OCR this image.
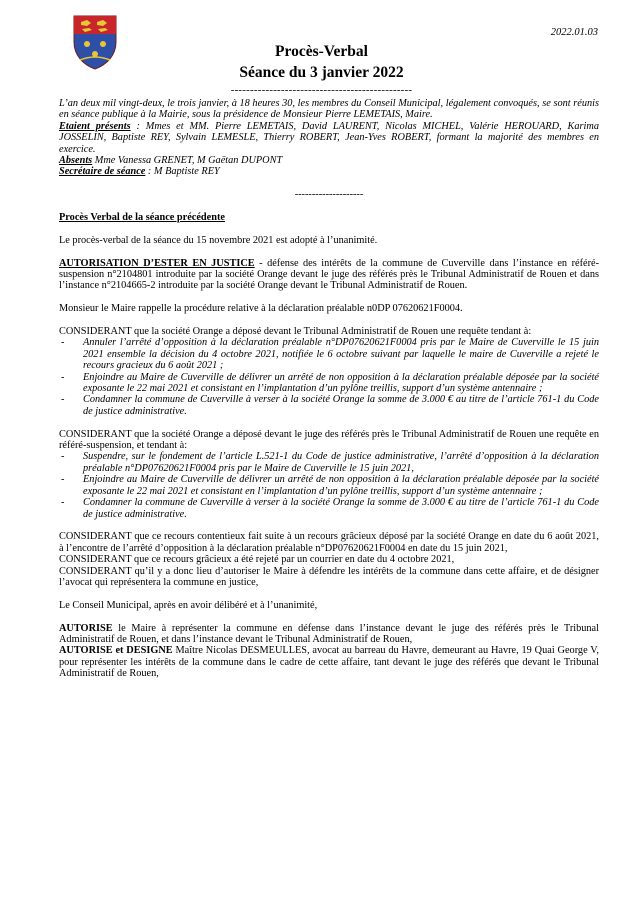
2022.01.03
Procès-Verbal
Séance du 3 janvier 2022
-----------------------------------------------

L’an deux mil vingt-deux, le trois janvier, à 18 heures 30, les membres du Conseil Municipal, légalement convoqués, se sont réunis en séance publique à la Mairie, sous la présidence de Monsieur Pierre LEMETAIS, Maire.

Etaient présents : Mmes et MM. Pierre LEMETAIS, David LAURENT, Nicolas MICHEL, Valérie HEROUARD, Karima JOSSELIN, Baptiste REY, Sylvain LEMESLE, Thierry ROBERT, Jean-Yves ROBERT, formant la majorité des membres en exercice.

Absents Mme Vanessa GRENET, M Gaëtan DUPONT

Secrétaire de séance : M Baptiste REY

--------------------

Procès Verbal de la séance précédente

Le procès-verbal de la séance du 15 novembre 2021 est adopté à l’unanimité.

AUTORISATION D’ESTER EN JUSTICE - défense des intérêts de la commune de Cuverville dans l’instance en référé-suspension n°2104801 introduite par la société Orange devant le juge des référés près le Tribunal Administratif de Rouen et dans l’instance n°2104665-2 introduite par la société Orange devant le Tribunal Administratif de Rouen.

Monsieur le Maire rappelle la procédure relative à la déclaration préalable n0DP 07620621F0004.

CONSIDERANT que la société Orange a déposé devant le Tribunal Administratif de Rouen une requête tendant à:

- Annuler l’arrêté d’opposition à la déclaration préalable n°DP07620621F0004 pris par le Maire de Cuverville le 15 juin 2021 ensemble la décision du 4 octobre 2021, notifiée le 6 octobre suivant par laquelle le maire de Cuverville a rejeté le recours gracieux du 6 août 2021 ;
- Enjoindre au Maire de Cuverville de délivrer un arrêté de non opposition à la déclaration préalable déposée par la société exposante le 22 mai 2021 et consistant en l’implantation d’un pylône treillis, support d’un système antennaire ;
- Condamner la commune de Cuverville à verser à la société Orange la somme de 3.000 € au titre de l’article 761-1 du Code de justice administrative.

CONSIDERANT que la société Orange a déposé devant le juge des référés près le Tribunal Administratif de Rouen une requête en référé-suspension, et tendant à:

- Suspendre, sur le fondement de l’article L.521-1 du Code de justice administrative, l’arrêté d’opposition à la déclaration préalable n°DP07620621F0004 pris par le Maire de Cuverville le 15 juin 2021,
- Enjoindre au Maire de Cuverville de délivrer un arrêté de non opposition à la déclaration préalable déposée par la société exposante le 22 mai 2021 et consistant en l’implantation d’un pylône treillis, support d’un système antennaire ;
- Condamner la commune de Cuverville à verser à la société Orange la somme de 3.000 € au titre de l’article 761-1 du Code de justice administrative.

CONSIDERANT que ce recours contentieux fait suite à un recours grâcieux déposé par la société Orange en date du 6 août 2021, à l’encontre de l’arrêté d’opposition à la déclaration préalable n°DP07620621F0004 en date du 15 juin 2021,

CONSIDERANT que ce recours grâcieux a été rejeté par un courrier en date du 4 octobre 2021,

CONSIDERANT qu’il y a donc lieu d’autoriser le Maire à défendre les intérêts de la commune dans cette affaire, et de désigner l’avocat qui représentera la commune en justice,

Le Conseil Municipal, après en avoir délibéré et à l’unanimité,

AUTORISE le Maire à représenter la commune en défense dans l’instance devant le juge des référés près le Tribunal Administratif de Rouen, et dans l’instance devant le Tribunal Administratif de Rouen,

AUTORISE et DESIGNE Maître Nicolas DESMEULLES, avocat au barreau du Havre, demeurant au Havre, 19 Quai George V, pour représenter les intérêts de la commune dans le cadre de cette affaire, tant devant le juge des référés que devant le Tribunal Administratif de Rouen,
